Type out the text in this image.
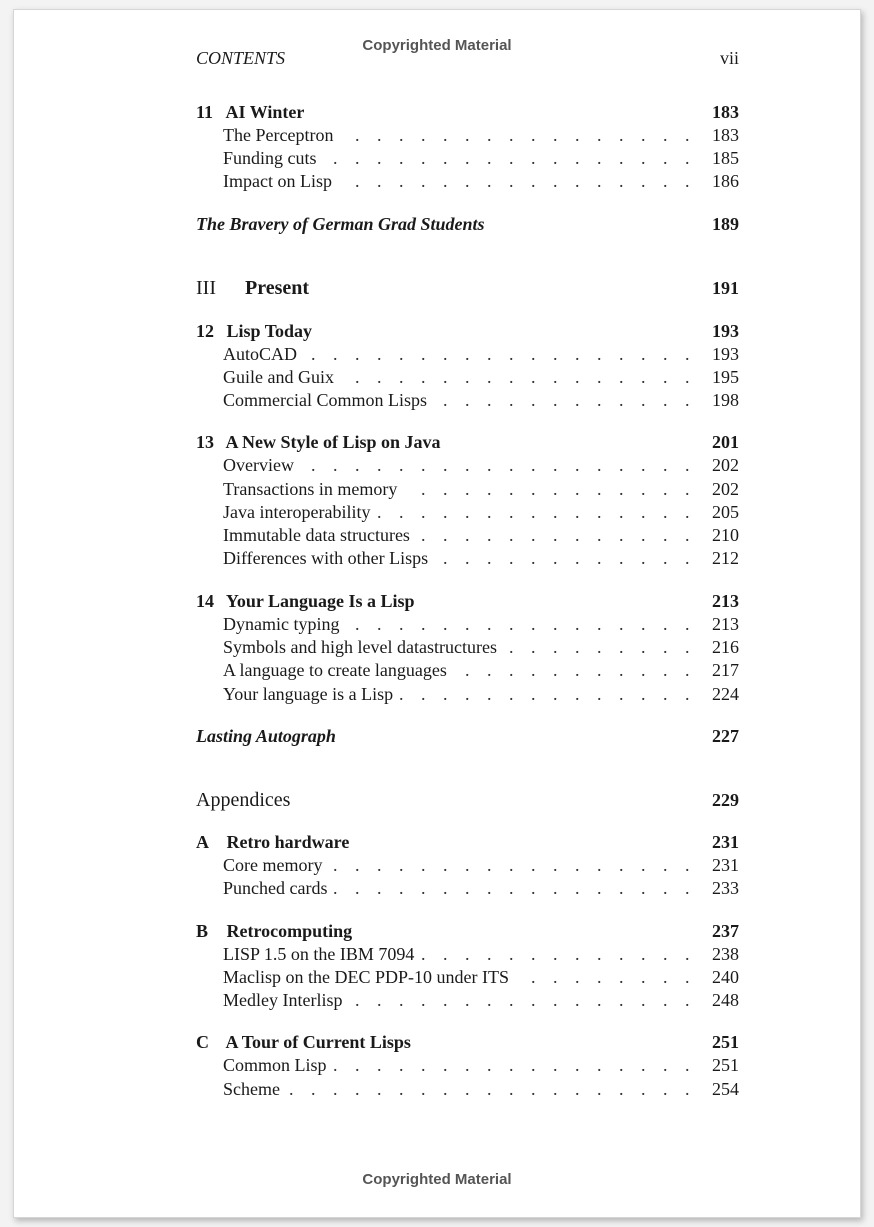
Copyrighted Material
CONTENTS	vii
11 AI Winter	183
. . .
The Perceptron	183
. . .
Funding cuts	185
. . .
Impact on Lisp	186
The Bravery of German Grad Students	189
III Present	191
12 Lisp Today	193
. . .
AutoCAD	193
. . .
Guile and Guix	195
. . .
Commercial Common Lisps	198
13 A New Style of Lisp on Java	201
. . .
Overview	202
. . .
Transactions in memory	202
. . .
Java interoperability	205
. . .
Immutable data structures	210
. . .
Differences with other Lisps	212
14 Your Language Is a Lisp	213
. . .
Dynamic typing	213
. . .
Symbols and high level datastructures	216
. . .
A language to create languages	217
. . .
Your language is a Lisp	224
Lasting Autograph	227
Appendices	229
A Retro hardware	231
. . .
Core memory	231
. . .
Punched cards	233
B Retrocomputing	237
. . .
LISP 1.5 on the IBM 7094	238
. . .
Maclisp on the DEC PDP-10 under ITS	240
. . .
Medley Interlisp	248
C A Tour of Current Lisps	251
. . .
Common Lisp	251
. . .
Scheme	254
Copyrighted Material
